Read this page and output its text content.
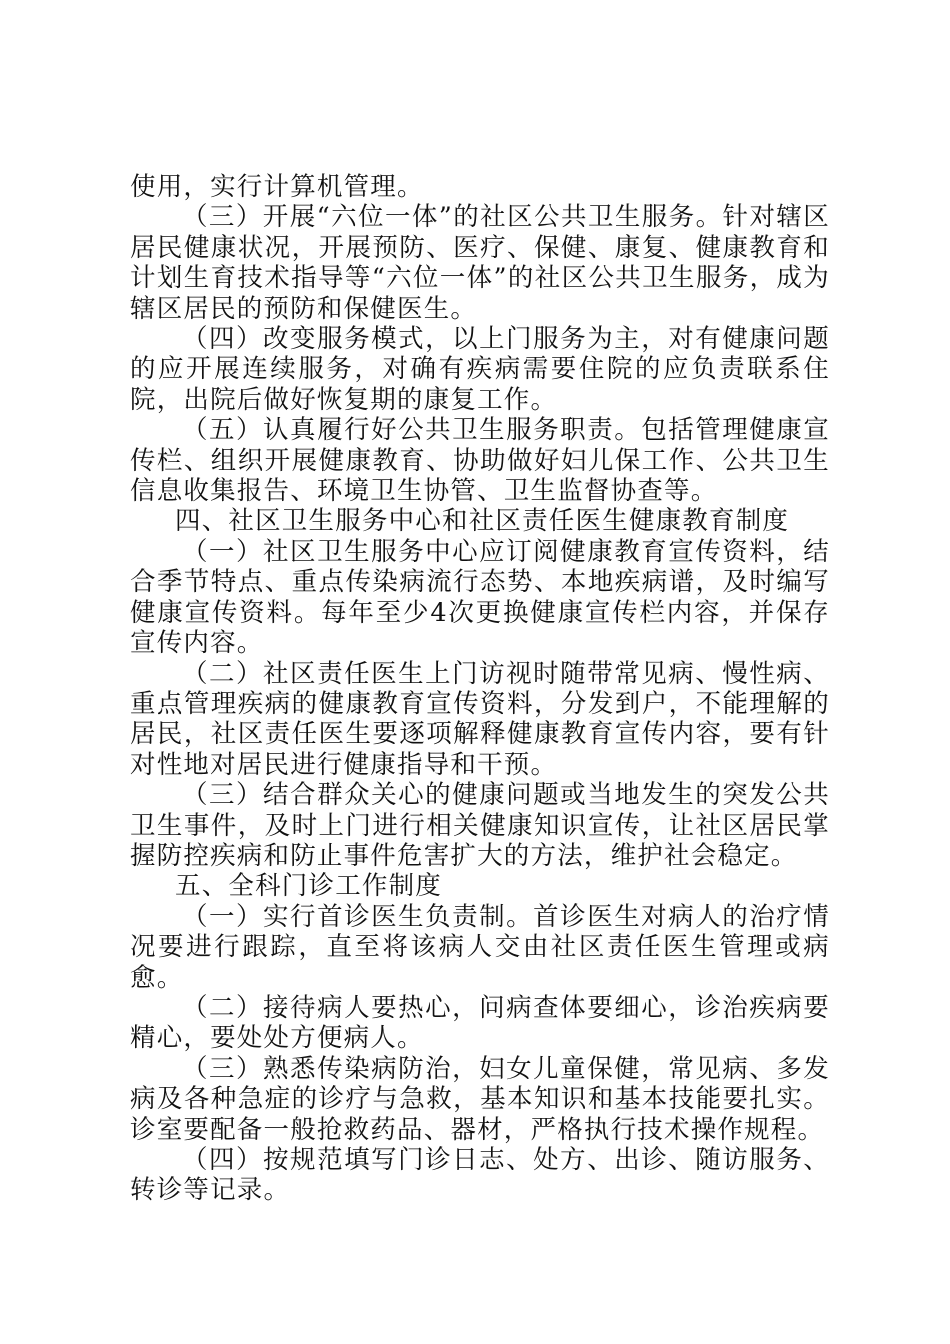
使用，实行计算机管理。

（三）开展“六位一体”的社区公共卫生服务。针对辖区居民健康状况，开展预防、医疗、保健、康复、健康教育和计划生育技术指导等“六位一体”的社区公共卫生服务，成为辖区居民的预防和保健医生。

（四）改变服务模式，以上门服务为主，对有健康问题的应开展连续服务，对确有疾病需要住院的应负责联系住院，出院后做好恢复期的康复工作。

（五）认真履行好公共卫生服务职责。包括管理健康宣传栏、组织开展健康教育、协助做好妇儿保工作、公共卫生信息收集报告、环境卫生协管、卫生监督协查等。

四、社区卫生服务中心和社区责任医生健康教育制度

（一）社区卫生服务中心应订阅健康教育宣传资料，结合季节特点、重点传染病流行态势、本地疾病谱，及时编写健康宣传资料。每年至少4次更换健康宣传栏内容，并保存宣传内容。

（二）社区责任医生上门访视时随带常见病、慢性病、重点管理疾病的健康教育宣传资料，分发到户，不能理解的居民，社区责任医生要逐项解释健康教育宣传内容，要有针对性地对居民进行健康指导和干预。

（三）结合群众关心的健康问题或当地发生的突发公共卫生事件，及时上门进行相关健康知识宣传，让社区居民掌握防控疾病和防止事件危害扩大的方法，维护社会稳定。

五、全科门诊工作制度

（一）实行首诊医生负责制。首诊医生对病人的治疗情况要进行跟踪，直至将该病人交由社区责任医生管理或病愈。

（二）接待病人要热心，问病查体要细心，诊治疾病要精心，要处处方便病人。

（三）熟悉传染病防治，妇女儿童保健，常见病、多发病及各种急症的诊疗与急救，基本知识和基本技能要扎实。诊室要配备一般抢救药品、器材，严格执行技术操作规程。

（四）按规范填写门诊日志、处方、出诊、随访服务、转诊等记录。
